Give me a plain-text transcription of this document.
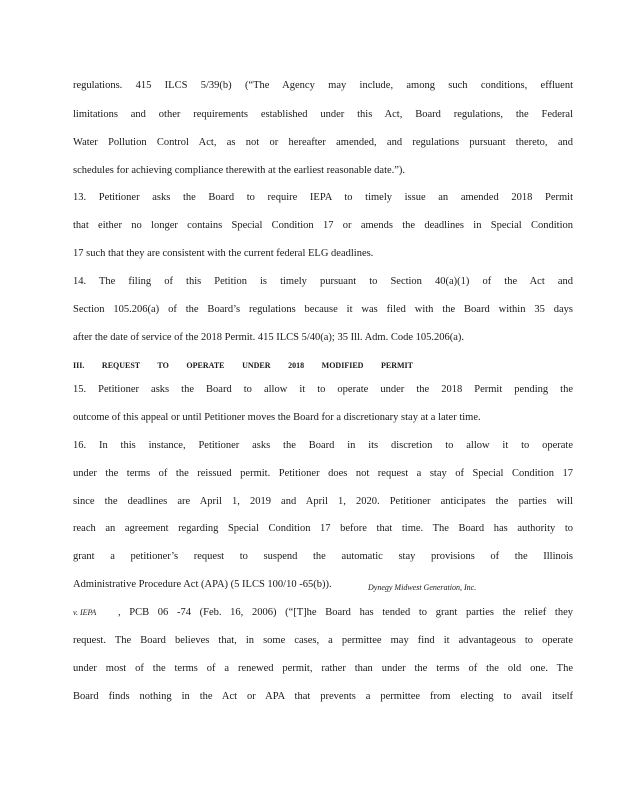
regulations. 415 ILCS 5/39(b) (“The Agency may include, among such conditions, effluent
limitations and other requirements established under this Act, Board regulations, the Federal
Water Pollution Control Act, as not or hereafter amended, and regulations pursuant thereto, and
schedules for achieving compliance therewith at the earliest reasonable date.”).
13. Petitioner asks the Board to require IEPA to timely issue an amended 2018 Permit
that either no longer contains Special Condition 17 or amends the deadlines in Special Condition
17 such that they are consistent with the current federal ELG deadlines.
14. The filing of this Petition is timely pursuant to Section 40(a)(1) of the Act and
Section 105.206(a) of the Board’s regulations because it was filed with the Board within 35 days
after the date of service of the 2018 Permit. 415 ILCS 5/40(a); 35 Ill. Adm. Code 105.206(a).
III. REQUEST TO OPERATE UNDER 2018 MODIFIED PERMIT
15. Petitioner asks the Board to allow it to operate under the 2018 Permit pending the
outcome of this appeal or until Petitioner moves the Board for a discretionary stay at a later time.
16. In this instance, Petitioner asks the Board in its discretion to allow it to operate
under the terms of the reissued permit. Petitioner does not request a stay of Special Condition 17
since the deadlines are April 1, 2019 and April 1, 2020. Petitioner anticipates the parties will
reach an agreement regarding Special Condition 17 before that time. The Board has authority to
grant a petitioner’s request to suspend the automatic stay provisions of the Illinois
Administrative Procedure Act (APA) (5 ILCS 100/10 -65(b)).	Dynegy Midwest Generation, Inc.
v. IEPA	, PCB 06 -74 (Feb. 16, 2006) (“[T]he Board has tended to grant parties the relief they
request. The Board believes that, in some cases, a permittee may find it advantageous to operate
under most of the terms of a renewed permit, rather than under the terms of the old one. The
Board finds nothing in the Act or APA that prevents a permittee from electing to avail itself
